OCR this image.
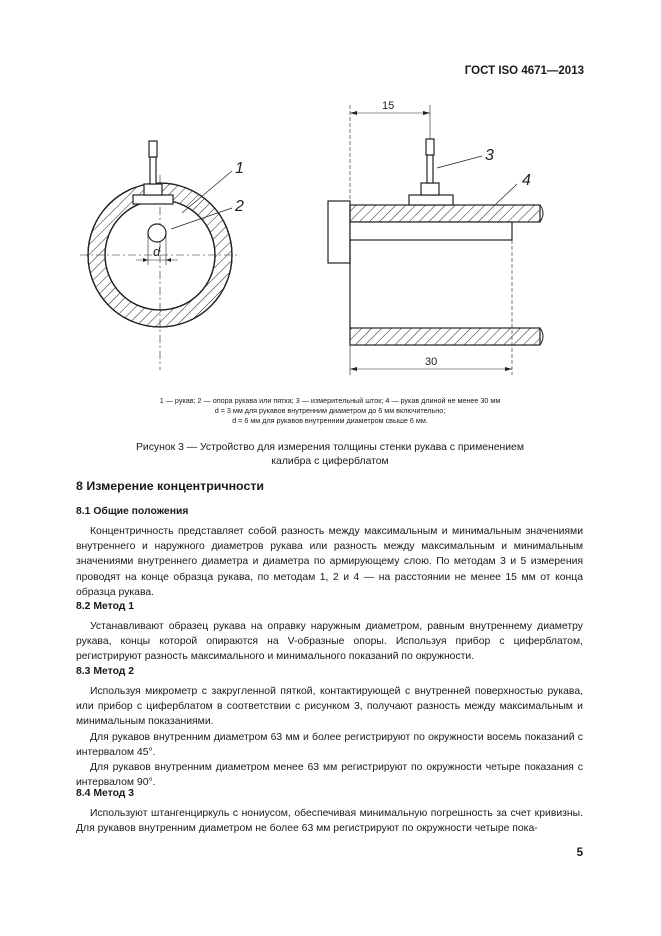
ГОСТ ISO 4671—2013
1
2
d
3
4
15
30
1 — рукав; 2 — опора рукава или пятка; 3 — измерительный шток; 4 — рукав длиной не менее 30 мм
d = 3 мм для рукавов внутренним диаметром до 6 мм включительно;
d = 6 мм для рукавов внутренним диаметром свыше 6 мм.
Рисунок 3 — Устройство для измерения толщины стенки рукава с применением
калибра с циферблатом
8 Измерение концентричности
8.1 Общие положения
Концентричность представляет собой разность между максимальным и минимальным значениями внутреннего и наружного диаметров рукава или разность между максимальным и минимальным значениями внутреннего диаметра и диаметра по армирующему слою. По методам 3 и 5 измерения проводят на конце образца рукава, по методам 1, 2 и 4 — на расстоянии не менее 15 мм от конца образца рукава.
8.2 Метод 1
Устанавливают образец рукава на оправку наружным диаметром, равным внутреннему диаметру рукава, концы которой опираются на V-образные опоры. Используя прибор с циферблатом, регистрируют разность максимального и минимального показаний по окружности.
8.3 Метод 2
Используя микрометр с закругленной пяткой, контактирующей с внутренней поверхностью рукава, или прибор с циферблатом в соответствии с рисунком 3, получают разность между максимальным и минимальным показаниями.
Для рукавов внутренним диаметром 63 мм и более регистрируют по окружности восемь показаний с интервалом 45°.
Для рукавов внутренним диаметром менее 63 мм регистрируют по окружности четыре показания с интервалом 90°.
8.4 Метод 3
Используют штангенциркуль с нониусом, обеспечивая минимальную погрешность за счет кривизны. Для рукавов внутренним диаметром не более 63 мм регистрируют по окружности четыре пока-
5
